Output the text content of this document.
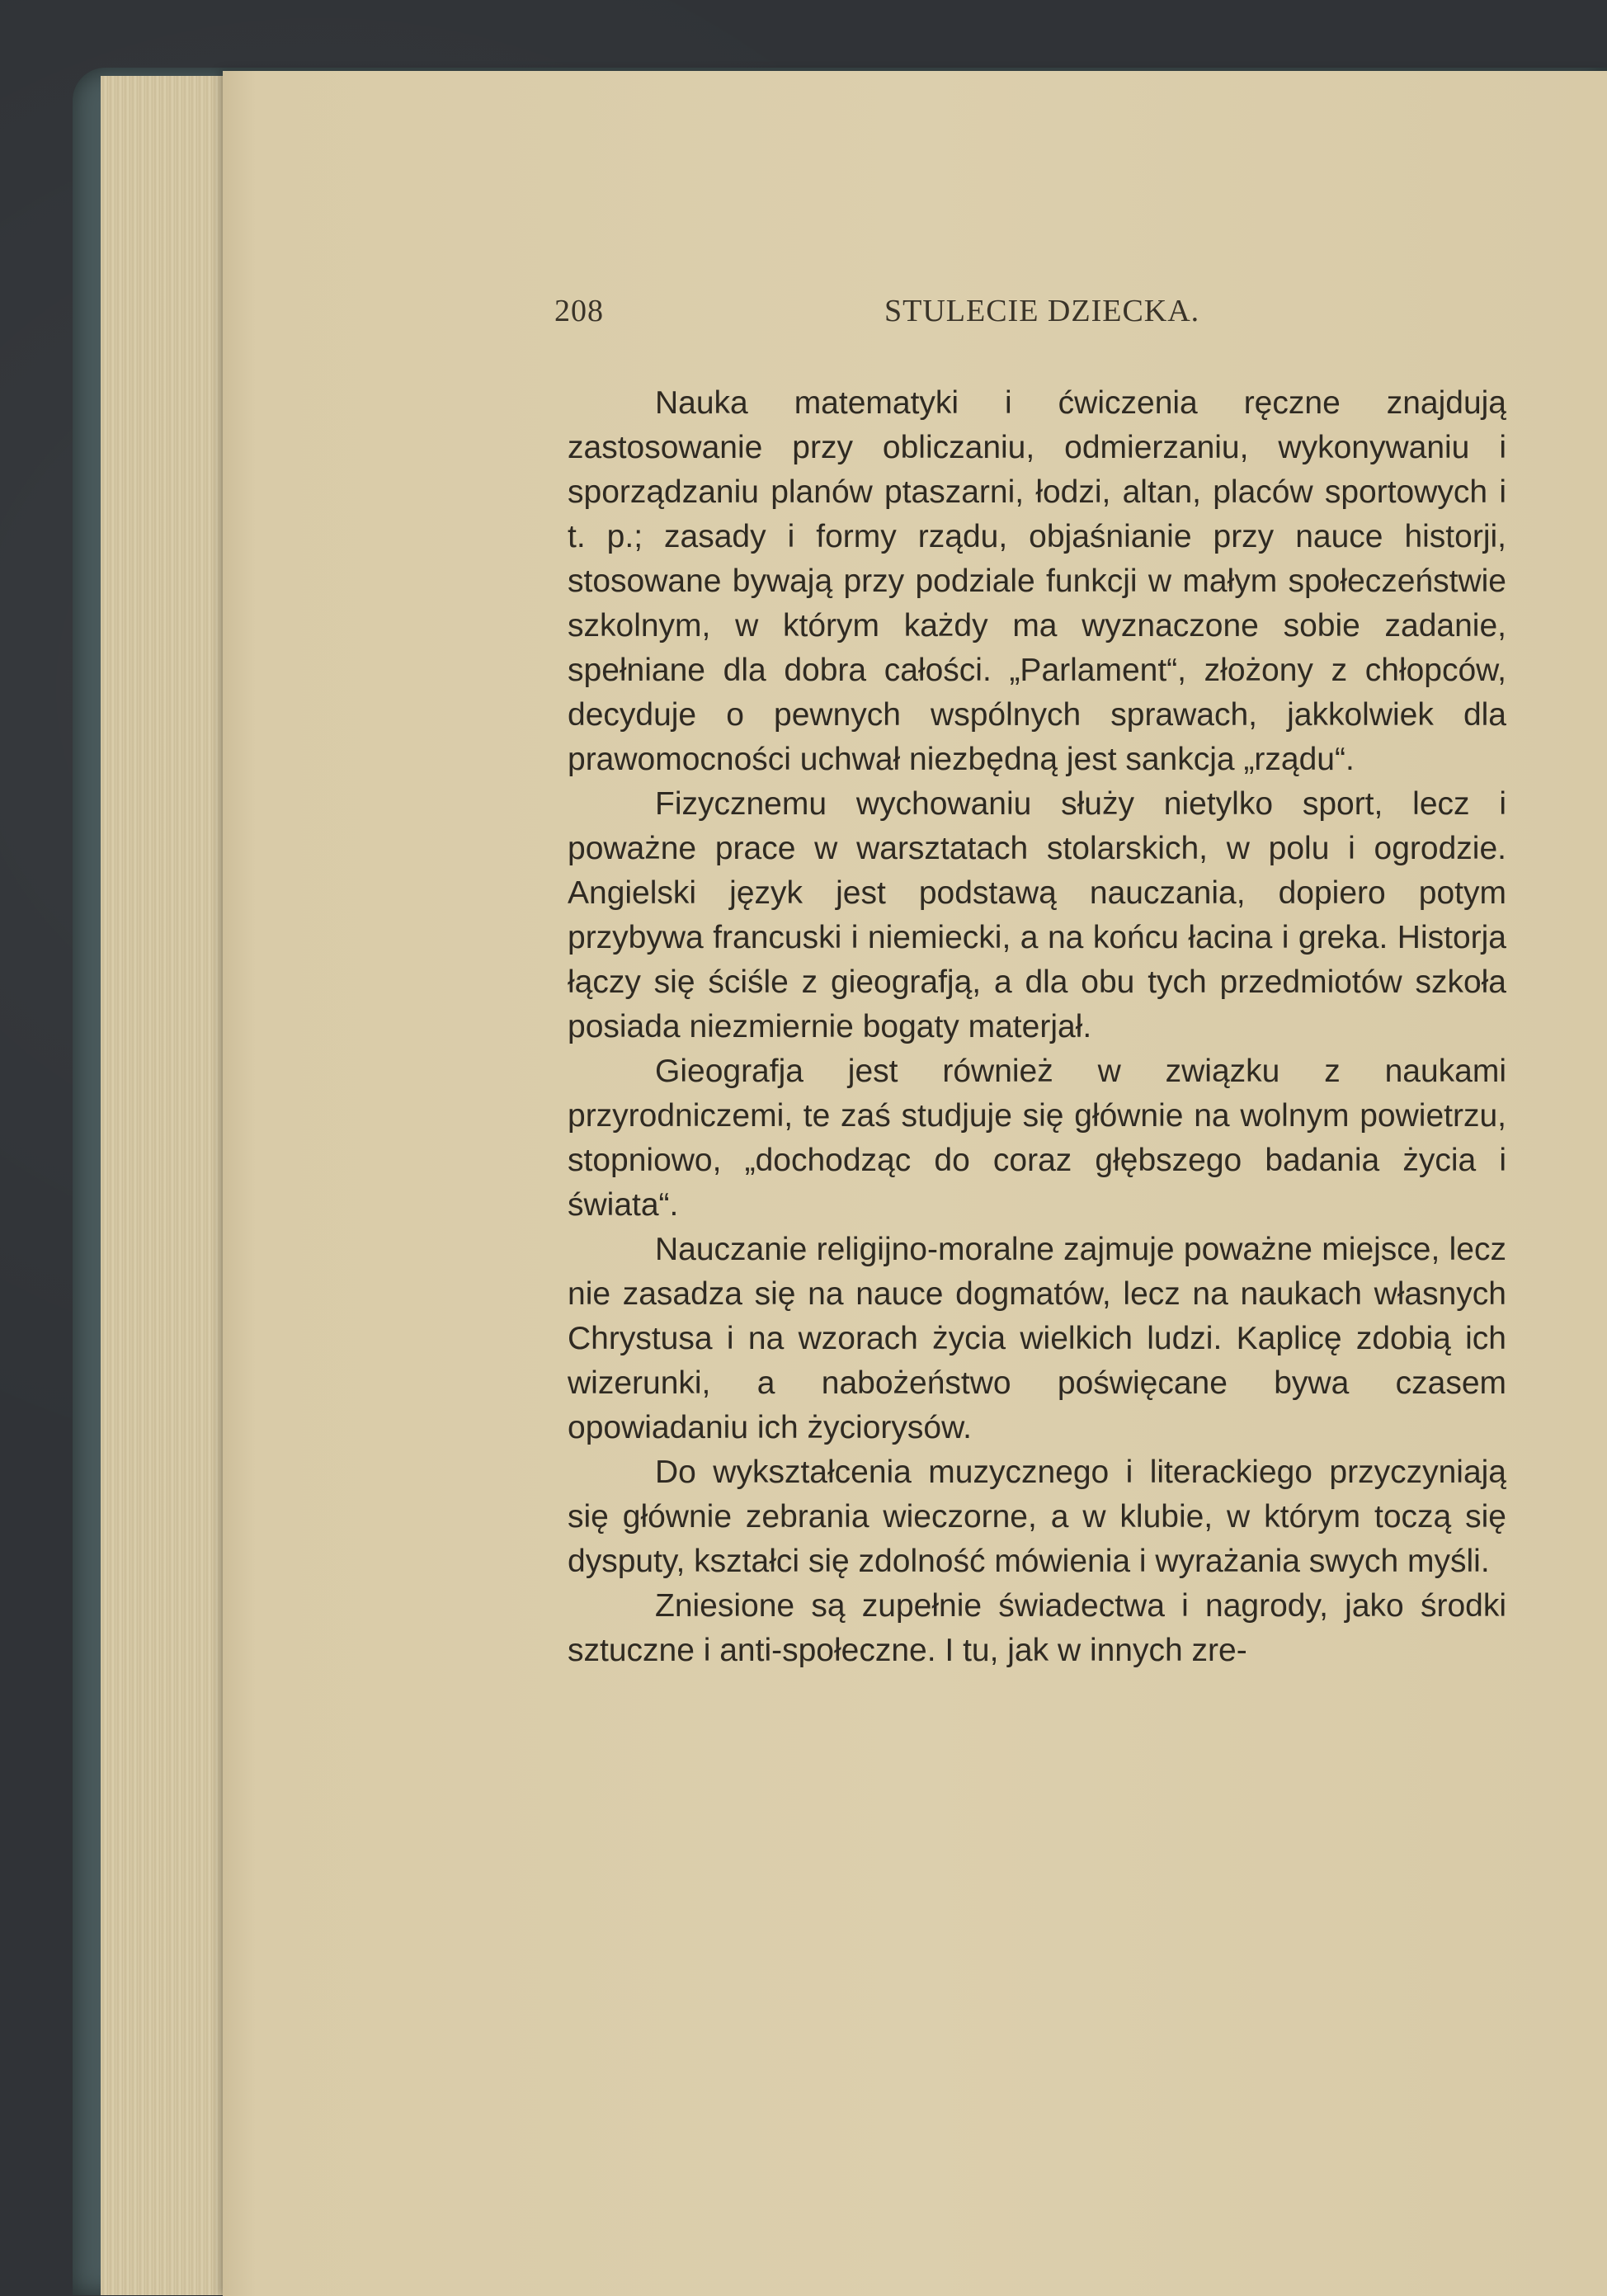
208	STULECIE DZIECKA.

Nauka matematyki i ćwiczenia ręczne znajdują zastosowanie przy obliczaniu, odmierzaniu, wykonywaniu i sporządzaniu planów ptaszarni, łodzi, altan, placów sportowych i t. p.; zasady i formy rządu, objaśnianie przy nauce historji, stosowane bywają przy podziale funkcji w małym społeczeństwie szkolnym, w którym każdy ma wyznaczone sobie zadanie, spełniane dla dobra całości. „Parlament“, złożony z chłopców, decyduje o pewnych wspólnych sprawach, jakkolwiek dla prawomocności uchwał niezbędną jest sankcja „rządu“.

Fizycznemu wychowaniu służy nietylko sport, lecz i poważne prace w warsztatach stolarskich, w polu i ogrodzie. Angielski język jest podstawą nauczania, dopiero potym przybywa francuski i niemiecki, a na końcu łacina i greka. Historja łączy się ściśle z gieografją, a dla obu tych przedmiotów szkoła posiada niezmiernie bogaty materjał.

Gieografja jest również w związku z naukami przyrodniczemi, te zaś studjuje się głównie na wolnym powietrzu, stopniowo, „dochodząc do coraz głębszego badania życia i świata“.

Nauczanie religijno-moralne zajmuje poważne miejsce, lecz nie zasadza się na nauce dogmatów, lecz na naukach własnych Chrystusa i na wzorach życia wielkich ludzi. Kaplicę zdobią ich wizerunki, a nabożeństwo poświęcane bywa czasem opowiadaniu ich życiorysów.

Do wykształcenia muzycznego i literackiego przyczyniają się głównie zebrania wieczorne, a w klubie, w którym toczą się dysputy, kształci się zdolność mówienia i wyrażania swych myśli.

Zniesione są zupełnie świadectwa i nagrody, jako środki sztuczne i anti-społeczne. I tu, jak w innych zre-
